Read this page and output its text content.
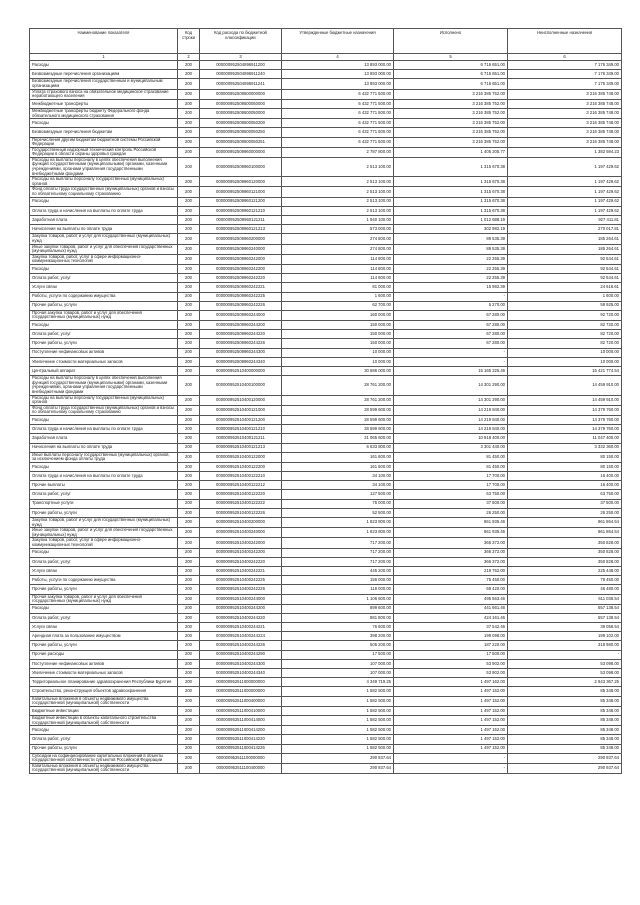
Наименование показателя	Код строки	Код расхода по бюджетной классификации	Утвержденные бюджетные назначения	Исполнено	Неисполненные назначения
1	2	3	4	5	6
Расходы	200	000000952504896911200	13 893 000.00	6 716 651.00	7 176 349.00
Безвозмездные перечисления организациям	200	000000952504896911240	13 893 000.00	6 716 651.00	7 176 349.00
Безвозмездные перечисления государственным и муниципальным организациям	200	000000952504896911241	13 893 000.00	6 716 651.00	7 176 349.00
Уплата страхового взноса на обязательное медицинское страхование неработающего населения	200	000000952509500000000	6 432 771 500.00	3 216 385 752.00	3 216 385 748.00
Межбюджетные трансферты	200	000000952509500050000	6 432 771 500.00	3 216 385 752.00	3 216 385 748.00
Межбюджетные трансферты бюджету Федерального фонда обязательного медицинского страхования	200	000000952509500050000	6 432 771 500.00	3 216 385 752.00	3 216 385 748.00
Расходы	200	000000952509500050200	6 432 771 500.00	3 216 385 752.00	3 216 385 748.00
Безвозмездные перечисления бюджетам	200	000000952509500050250	6 432 771 500.00	3 216 385 752.00	3 216 385 748.00
Перечисления другим бюджетам бюджетной системы Российской Федерации	200	000000952509500050251	6 432 771 500.00	3 216 385 752.00	3 216 385 748.00
Государственный надзорный технический контроль Российской Федерации в области охраны здоровья граждан	200	000000952509960000000	2 787 800.00	1 405 205.77	1 382 594.23
Расходы на выплаты персоналу в целях обеспечения выполнения функций государственными (муниципальными) органами, казенными учреждениями, органами управления государственными внебюджетными фондами	200	000000952509960100000	2 513 100.00	1 315 670.38	1 197 429.62
Расходы на выплаты персоналу государственных (муниципальных) органов	200	000000952509960120000	2 513 100.00	1 315 670.38	1 197 429.62
Фонд оплаты труда государственных (муниципальных) органов и взносы по обязательному социальному страхованию	200	000000952509960121000	2 513 100.00	1 315 670.38	1 197 429.62
Расходы	200	000000952509960121200	2 513 100.00	1 315 670.38	1 197 429.62
Оплата труда и начисления на выплаты по оплате труда	200	000000952509960121210	2 513 100.00	1 315 670.38	1 197 429.62
Заработная плата	200	000000952509960121211	1 940 100.00	1 012 688.19	927 411.81
Начисления на выплаты по оплате труда	200	000000952509960121213	573 000.00	302 982.19	270 017.81
Закупка товаров, работ и услуг для государственных (муниципальных) нужд	200	000000952509960200000	274 800.00	89 535.39	185 264.61
Иные закупки товаров, работ и услуг для обеспечения государственных (муниципальных) нужд	200	000000952509960240000	274 800.00	89 535.39	185 264.61
Закупка товаров, работ, услуг в сфере информационно-коммуникационных технологий	200	000000952509960242000	114 800.00	22 255.39	92 544.61
Расходы	200	000000952509960242200	114 800.00	22 255.39	92 544.61
Оплата работ, услуг	200	000000952509960242220	114 800.00	22 255.39	92 544.61
Услуги связи	200	000000952509960242221	81 000.00	15 982.39	24 618.61
Работы, услуги по содержанию имущества	200	000000952509960242225	1 600.00	-	1 600.00
Прочие работы, услуги	200	000000952509960242226	62 700.00	5 270.00	58 925.00
Прочая закупка товаров, работ и услуг для обеспечения государственных (муниципальных) нужд	200	000000952509960244000	160 000.00	67 280.00	92 720.00
Расходы	200	000000952509960244200	150 000.00	67 280.00	82 720.00
Оплата работ, услуг	200	000000952509960244220	150 000.00	67 280.00	82 720.00
Прочие работы, услуги	200	000000952509960244226	150 000.00	67 280.00	82 720.00
Поступление нефинансовых активов	200	000000952509960244300	10 000.00	-	10 000.00
Увеличение стоимости материальных запасов	200	000000952509960244340	10 000.00	-	10 000.00
Центральный аппарат	200	000000952510400000000	30 586 000.00	15 165 225.46	15 421 774.54
Расходы на выплаты персоналу в целях обеспечения выполнения функций государственными (муниципальными) органами, казенными учреждениями, органами управления государственными внебюджетными фондами	200	000000952510400100000	28 761 200.00	14 301 290.00	14 459 910.00
Расходы на выплаты персоналу государственных (муниципальных) органов	200	000000952510400120000	28 761 200.00	14 301 290.00	14 459 910.00
Фонд оплаты труда государственных (муниципальных) органов и взносы по обязательному социальному страхованию	200	000000952510400121000	28 599 600.00	14 219 840.00	14 379 760.00
Расходы	200	000000952510400121200	28 599 600.00	14 219 840.00	14 379 760.00
Оплата труда и начисления на выплаты по оплате труда	200	000000952510400121210	28 599 600.00	14 219 840.00	14 379 760.00
Заработная плата	200	000000952510400121211	21 065 600.00	10 918 400.00	11 047 400.00
Начисления на выплаты по оплате труда	200	000000952510400121213	6 633 800.00	3 301 440.00	3 332 360.00
Иные выплаты персоналу государственных (муниципальных) органов, за исключением фонда оплаты труда	200	000000952510400122000	161 600.00	81 450.00	80 150.00
Расходы	200	000000952510400122200	161 600.00	81 450.00	80 150.00
Оплата труда и начисления на выплаты по оплате труда	200	000000952510400122210	34 100.00	17 700.00	16 400.00
Прочие выплаты	200	000000952510400122212	34 100.00	17 700.00	16 400.00
Оплата работ, услуг	200	000000952510400122220	127 500.00	63 750.00	63 750.00
Транспортные услуги	200	000000952510400122222	75 000.00	37 500.00	37 500.00
Прочие работы, услуги	200	000000952510400122226	52 500.00	26 250.00	26 250.00
Закупка товаров, работ и услуг для государственных (муниципальных) нужд	200	000000952510400200000	1 823 800.00	861 935.46	961 864.54
Иные закупки товаров, работ и услуг для обеспечения государственных (муниципальных) нужд	200	000000952510400240000	1 823 800.00	861 935.46	961 864.54
Закупка товаров, работ, услуг в сфере информационно-коммуникационных технологий	200	000000952510400242000	717 200.00	366 372.00	350 828.00
Расходы	200	000000952510400242200	717 200.00	366 372.00	350 828.00
Оплата работ, услуг	200	000000952510400242220	717 200.00	366 372.00	350 828.00
Услуги связи	200	000000952510400242221	445 200.00	219 752.00	225 448.00
Работы, услуги по содержанию имущества	200	000000952510400242225	156 000.00	75 450.00	78 450.00
Прочие работы, услуги	200	000000952510400242226	116 000.00	69 420.00	46 480.00
Прочая закупка товаров, работ и услуг для обеспечения государственных (муниципальных) нужд	200	000000952510400244000	1 106 600.00	495 563.46	611 036.54
Расходы	200	000000952510400244200	899 600.00	441 661.46	557 138.54
Оплата работ, услуг	200	000000952510400244220	881 800.00	424 161.46	557 138.54
Услуги связи	200	000000952510400244221	76 600.00	37 542.46	39 058.54
Арендная плата за пользование имуществом	200	000000952510400244224	398 200.00	199 098.00	199 102.00
Прочие работы, услуги	200	000000952510400244226	505 200.00	187 220.00	318 980.00
Прочие расходы	200	000000952510400244290	17 500.00	17 500.00	-
Поступление нефинансовых активов	200	000000952510400244300	107 000.00	53 902.00	53 098.00
Увеличение стоимости материальных запасов	200	000000952510400244340	107 000.00	53 902.00	53 098.00
Территориальное планирование здравоохранения Республики Бурятия	200	000000952511000000000	4 349 719.25	1 497 162.00	2 843 367.25
Строительство, реконструкция объектов здравоохранения	200	000000952511000000000	1 582 500.00	1 497 152.00	85 348.00
Капитальные вложения в объекты недвижимого имущества государственной (муниципальной) собственности	200	000000952511000400000	1 582 500.00	1 497 152.00	85 348.00
Бюджетные инвестиции	200	000000952511000410000	1 582 500.00	1 497 152.00	85 348.00
Бюджетные инвестиции в объекты капитального строительства государственной (муниципальной) собственности	200	000000952511000414000	1 582 500.00	1 497 152.00	85 348.00
Расходы	200	000000952511000414200	1 582 500.00	1 497 152.00	85 348.00
Оплата работ, услуг	200	000000952511000414220	1 582 500.00	1 497 152.00	85 348.00
Прочие работы, услуги	200	000000952511000414226	1 582 500.00	1 497 152.00	85 348.00
Субсидии на софинансирование капитальных вложений в объекты государственной собственности субъектов Российской Федерации	200	000000952511100000000	290 937.64	-	290 937.64
Капитальные вложения в объекты недвижимого имущества государственной (муниципальной) собственности	200	000000952511100400000	290 937.64	-	290 937.64
